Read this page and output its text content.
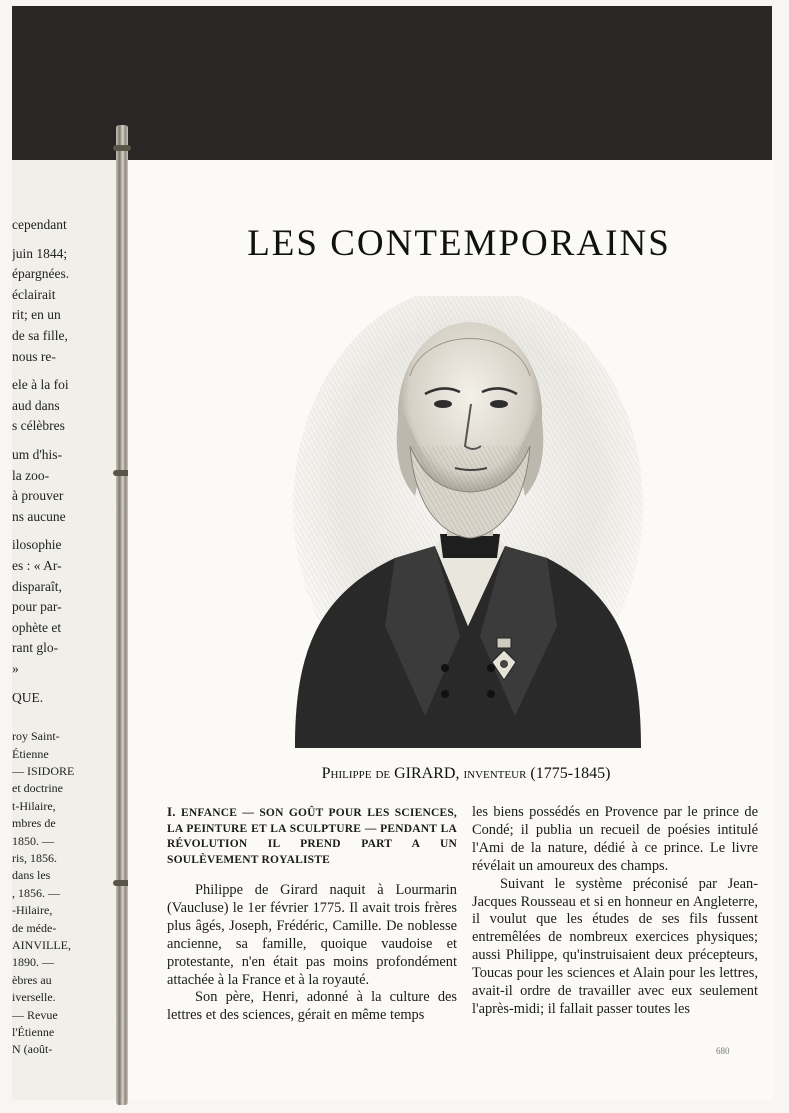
cependant
juin 1844;
épargnées.
éclairait
rit; en un
de sa fille,
nous re-
ele à la foi
aud dans
s célèbres
um d'his-
la zoo-
à prouver
ns aucune
ilosophie
es : « Ar-
disparaît,
pour par-
ophète et
rant glo-
»
QUE.
roy Saint-
Étienne
— ISIDORE
et doctrine
t-Hilaire,
mbres de
1850. —
ris, 1856.
dans les
, 1856. —
-Hilaire,
de méde-
AINVILLE,
1890. —
èbres au
iverselle.
— Revue
l'Étienne
N (août-
LES CONTEMPORAINS
Philippe de GIRARD, inventeur (1775-1845)

I. ENFANCE — SON GOÛT POUR LES SCIENCES, LA PEINTURE ET LA SCULPTURE — PENDANT LA RÉVOLUTION IL PREND PART A UN SOULÈVEMENT ROYALISTE

Philippe de Girard naquit à Lourmarin (Vaucluse) le 1er février 1775. Il avait trois frères plus âgés, Joseph, Frédéric, Camille. De noblesse ancienne, sa famille, quoique vaudoise et protestante, n'en était pas moins profondément attachée à la France et à la royauté.

Son père, Henri, adonné à la culture des lettres et des sciences, gérait en même temps

les biens possédés en Provence par le prince de Condé; il publia un recueil de poésies intitulé l'Ami de la nature, dédié à ce prince. Le livre révélait un amoureux des champs.

Suivant le système préconisé par Jean-Jacques Rousseau et si en honneur en Angleterre, il voulut que les études de ses fils fussent entremêlées de nombreux exercices physiques; aussi Philippe, qu'instruisaient deux précepteurs, Toucas pour les sciences et Alain pour les lettres, avait-il ordre de travailler avec eux seulement l'après-midi; il fallait passer toutes les

680
